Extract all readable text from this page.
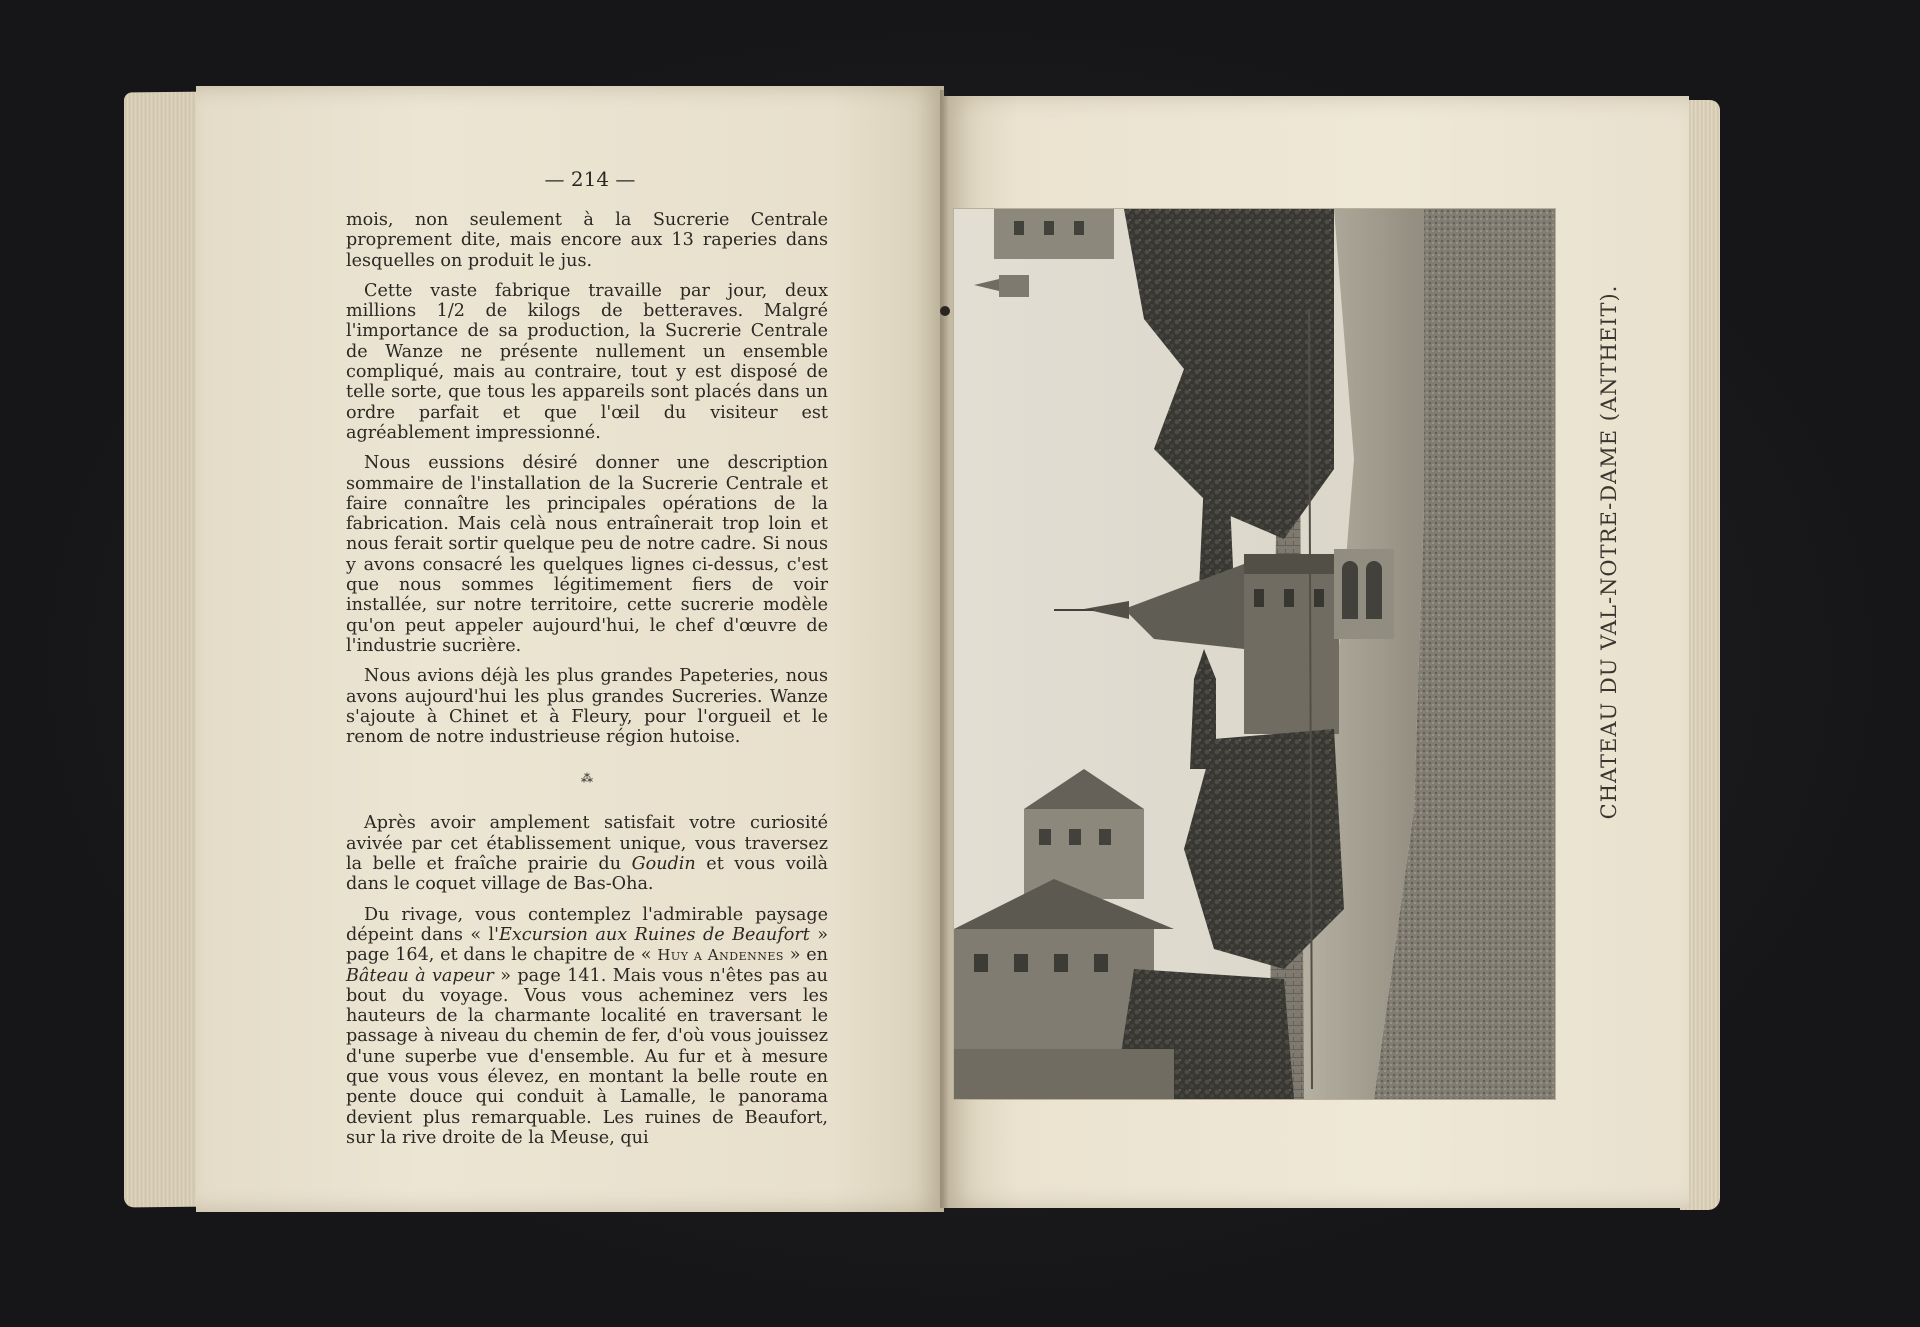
— 214 —

mois, non seulement à la Sucrerie Centrale proprement dite, mais encore aux 13 raperies dans lesquelles on produit le jus.

Cette vaste fabrique travaille par jour, deux millions 1/2 de kilogs de betteraves. Malgré l'importance de sa production, la Sucrerie Centrale de Wanze ne présente nullement un ensemble compliqué, mais au contraire, tout y est disposé de telle sorte, que tous les appareils sont placés dans un ordre parfait et que l'œil du visiteur est agréablement impressionné.

Nous eussions désiré donner une description sommaire de l'installation de la Sucrerie Centrale et faire connaître les principales opérations de la fabrication. Mais celà nous entraînerait trop loin et nous ferait sortir quelque peu de notre cadre. Si nous y avons consacré les quelques lignes ci-dessus, c'est que nous sommes légitimement fiers de voir installée, sur notre territoire, cette sucrerie modèle qu'on peut appeler aujourd'hui, le chef d'œuvre de l'industrie sucrière.

Nous avions déjà les plus grandes Papeteries, nous avons aujourd'hui les plus grandes Sucreries. Wanze s'ajoute à Chinet et à Fleury, pour l'orgueil et le renom de notre industrieuse région hutoise.

⁂

Après avoir amplement satisfait votre curiosité avivée par cet établissement unique, vous traversez la belle et fraîche prairie du Goudin et vous voilà dans le coquet village de Bas-Oha.

Du rivage, vous contemplez l'admirable paysage dépeint dans « l'Excursion aux Ruines de Beaufort » page 164, et dans le chapitre de « Huy a Andennes » en Bâteau à vapeur » page 141. Mais vous n'êtes pas au bout du voyage. Vous vous acheminez vers les hauteurs de la charmante localité en traversant le passage à niveau du chemin de fer, d'où vous jouissez d'une superbe vue d'ensemble. Au fur et à mesure que vous vous élevez, en montant la belle route en pente douce qui conduit à Lamalle, le panorama devient plus remarquable. Les ruines de Beaufort, sur la rive droite de la Meuse, qui

CHATEAU DU VAL-NOTRE-DAME (ANTHEIT).
